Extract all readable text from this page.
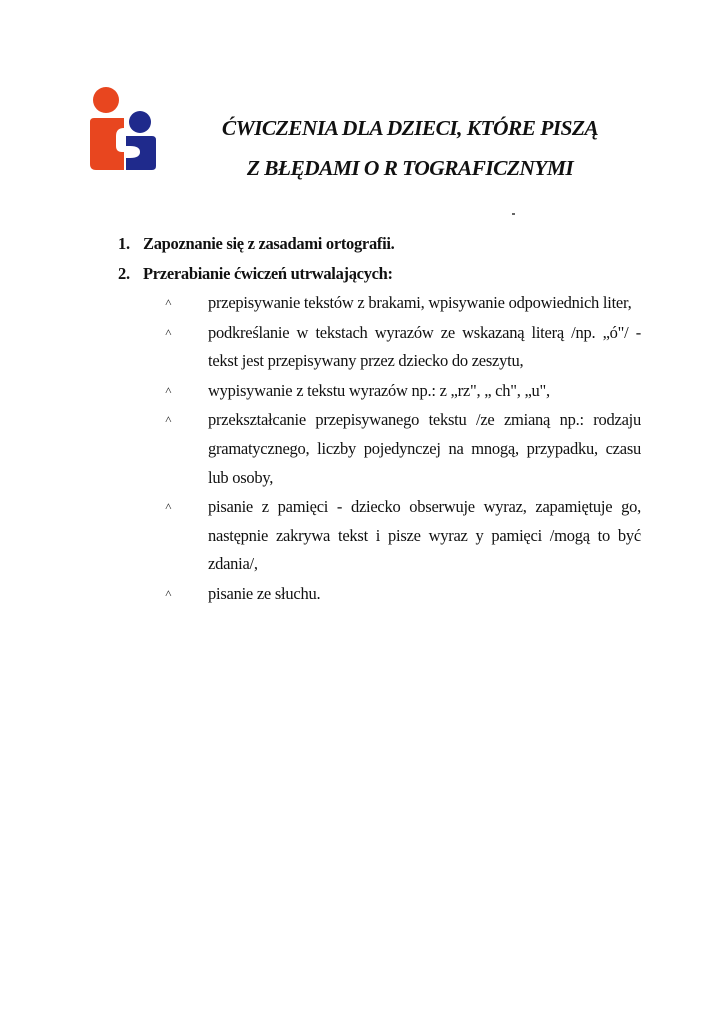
ĆWICZENIA DLA DZIECI, KTÓRE PISZĄ
Z BŁĘDAMI O R TOGRAFICZNYMI
1. Zapoznanie się z zasadami ortografii.
2. Przerabianie ćwiczeń utrwalających:
˄ przepisywanie tekstów z brakami, wpisywanie odpowiednich liter,
˄ podkreślanie w tekstach wyrazów ze wskazaną literą /np. „ó"/ - tekst jest przepisywany przez dziecko do zeszytu,
˄ wypisywanie z tekstu wyrazów np.: z „rz", „ ch", „u",
˄ przekształcanie przepisywanego tekstu /ze zmianą np.: rodzaju gramatycznego, liczby pojedynczej na mnogą, przypadku, czasu lub osoby,
˄ pisanie z pamięci - dziecko obserwuje wyraz, zapamiętuje go, następnie zakrywa tekst i pisze wyraz y pamięci /mogą to być zdania/,
˄ pisanie ze słuchu.
